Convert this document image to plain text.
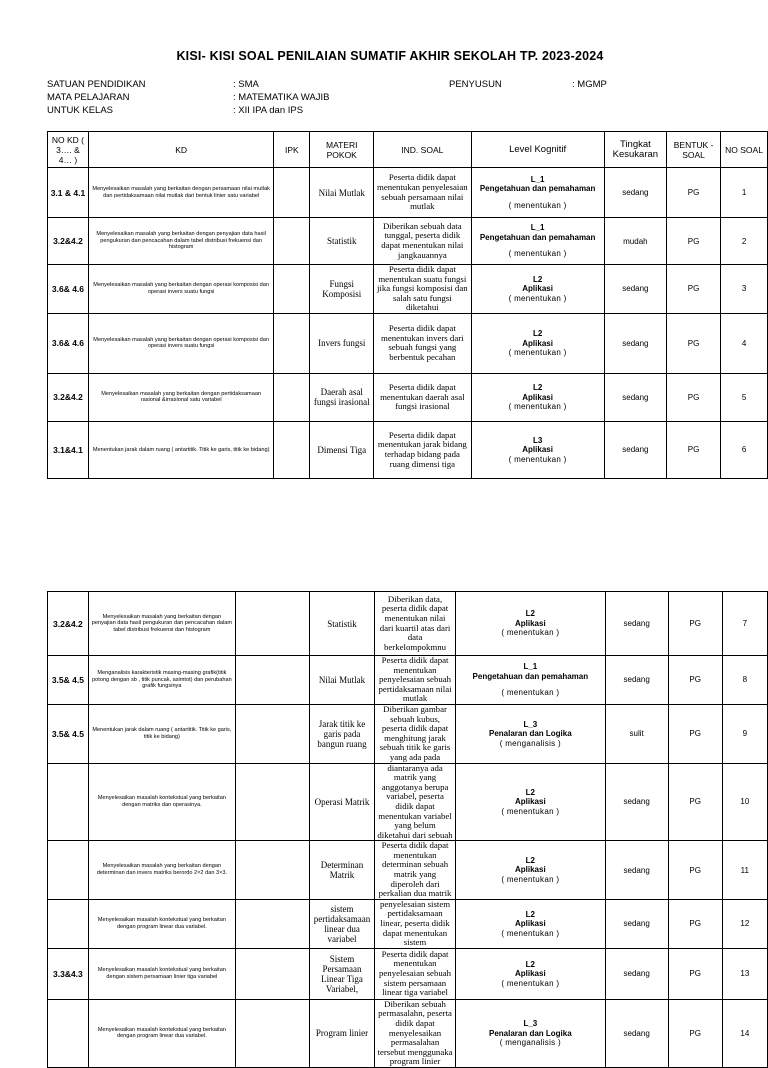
KISI- KISI SOAL PENILAIAN SUMATIF AKHIR SEKOLAH TP. 2023-2024
SATUAN PENDIDIKAN	: SMA
MATA PELAJARAN	: MATEMATIKA WAJIB
UNTUK KELAS	: XII IPA dan IPS
PENYUSUN	: MGMP
NO KD ( 3…. & 4… )	KD	IPK	MATERI POKOK	IND. SOAL	Level Kognitif	Tingkat Kesukaran	BENTUK - SOAL	NO SOAL
3.1 & 4.1	Menyelesaikan masalah yang berkaitan dengan persamaan nilai mutlak dan pertidaksamaan nilai mutlak dari bentuk linier satu variabel		Nilai Mutlak	Peserta didik dapat menentukan penyelesaian sebuah persamaan nilai mutlak	L_1
Pengetahuan dan pemahaman
( menentukan )	sedang	PG	1
3.2&4.2	Menyelesaikan masalah yang berkaitan dengan penyajian data hasil pengukuran dan pencacahan dalam tabel distribusi frekuensi dan histogram		Statistik	Diberikan sebuah data tunggal, peserta didik dapat menentukan nilai jangkauannya	L_1
Pengetahuan dan pemahaman
( menentukan )	mudah	PG	2
3.6& 4.6	Menyelesaikan masalah yang berkaitan dengan operasi komposisi dan operasi invers suatu fungsi		Fungsi Komposisi	Peserta didik dapat menentukan suatu fungsi jika fungsi komposisi dan salah satu fungsi diketahui	L2
Aplikasi
( menentukan )	sedang	PG	3
3.6& 4.6	Menyelesaikan masalah yang berkaitan dengan operasi komposisi dan operasi invers suatu fungsi		Invers fungsi	Peserta didik dapat menentukan invers dari sebuah fungsi yang berbentuk pecahan	L2
Aplikasi
( menentukan )	sedang	PG	4
3.2&4.2	Menyelesaikan masalah yang berkaitan dengan pertidaksamaan rasional &irrasional satu variabel		Daerah asal fungsi irasional	Peserta didik dapat menentukan daerah asal fungsi irasional	L2
Aplikasi
( menentukan )	sedang	PG	5
3.1&4.1	Menentukan jarak dalam ruang ( antartitik. Titik ke garis, titik ke bidang)		Dimensi Tiga	Peserta didik dapat menentukan jarak bidang terhadap bidang pada ruang dimensi tiga	L3
Aplikasi
( menentukan )	sedang	PG	6
3.2&4.2	Menyelesaikan masalah yang berkaitan dengan penyajian data hasil pengukuran dan pencacahan dalam tabel distribusi frekuensi dan histogram		Statistik	Diberikan data, peserta didik dapat menentukan nilai dari kuartil atas dari data berkelompokmnu	L2
Aplikasi
( menentukan )	sedang	PG	7
3.5& 4.5	Menganalisis karakteristik masing-masing grafik(titik potong dengan sb , titik puncak, asimtot) dan perubahan grafik fungsinya		Nilai Mutlak	Peserta didik dapat menentukan penyelesaian sebuah pertidaksamaan nilai mutlak	L_1
Pengetahuan dan pemahaman
( menentukan )	sedang	PG	8
3.5& 4.5	Menentukan jarak dalam ruang ( antartitik. Titik ke garis, titik ke bidang)		Jarak titik ke garis pada bangun ruang	Diberikan gambar sebuah kubus, peserta didik dapat menghitung jarak sebuah titik ke garis yang ada pada	L_3
Penalaran dan Logika
( menganalisis )	sulit	PG	9
	Menyelesaikan masalah kontekstual yang berkaitan dengan matriks dan operasinya.		Operasi Matrik	diantaranya ada matrik yang anggotanya berupa variabel, peserta didik dapat menentukan variabel yang belum diketahui dari sebuah	L2
Aplikasi
( menentukan )	sedang	PG	10
	Menyelesaikan masalah yang berkaitan dengan determinan dan invers matriks berordo 2×2 dan 3×3.		Determinan Matrik	Peserta didik dapat menentukan determinan sebuah matrik yang diperoleh dari perkalian dua matrik	L2
Aplikasi
( menentukan )	sedang	PG	11
	Menyelesaikan masalah kontekstual yang berkaitan dengan program linear dua variabel.		sistem pertidaksamaan linear dua variabel	penyelesaian sistem pertidaksamaan linear, peserta didik dapat menentukan sistem	L2
Aplikasi
( menentukan )	sedang	PG	12
3.3&4.3	Menyelesaikan masalah kontekstual yang berkaitan dengan sistem persamaan linier tiga variabel		Sistem Persamaan Linear Tiga Variabel,	Peserta didik dapat menentukan penyelesaian sebuah sistem persamaan linear tiga variabel	L2
Aplikasi
( menentukan )	sedang	PG	13
	Menyelesaikan masalah kontekstual yang berkaitan dengan program linear dua variabel.		Program linier	Diberikan sebuah permasalahn, peserta didik dapat menyelesaikan permasalahan tersebut menggunaka program linier	L_3
Penalaran dan Logika
( menganalisis )	sedang	PG	14
